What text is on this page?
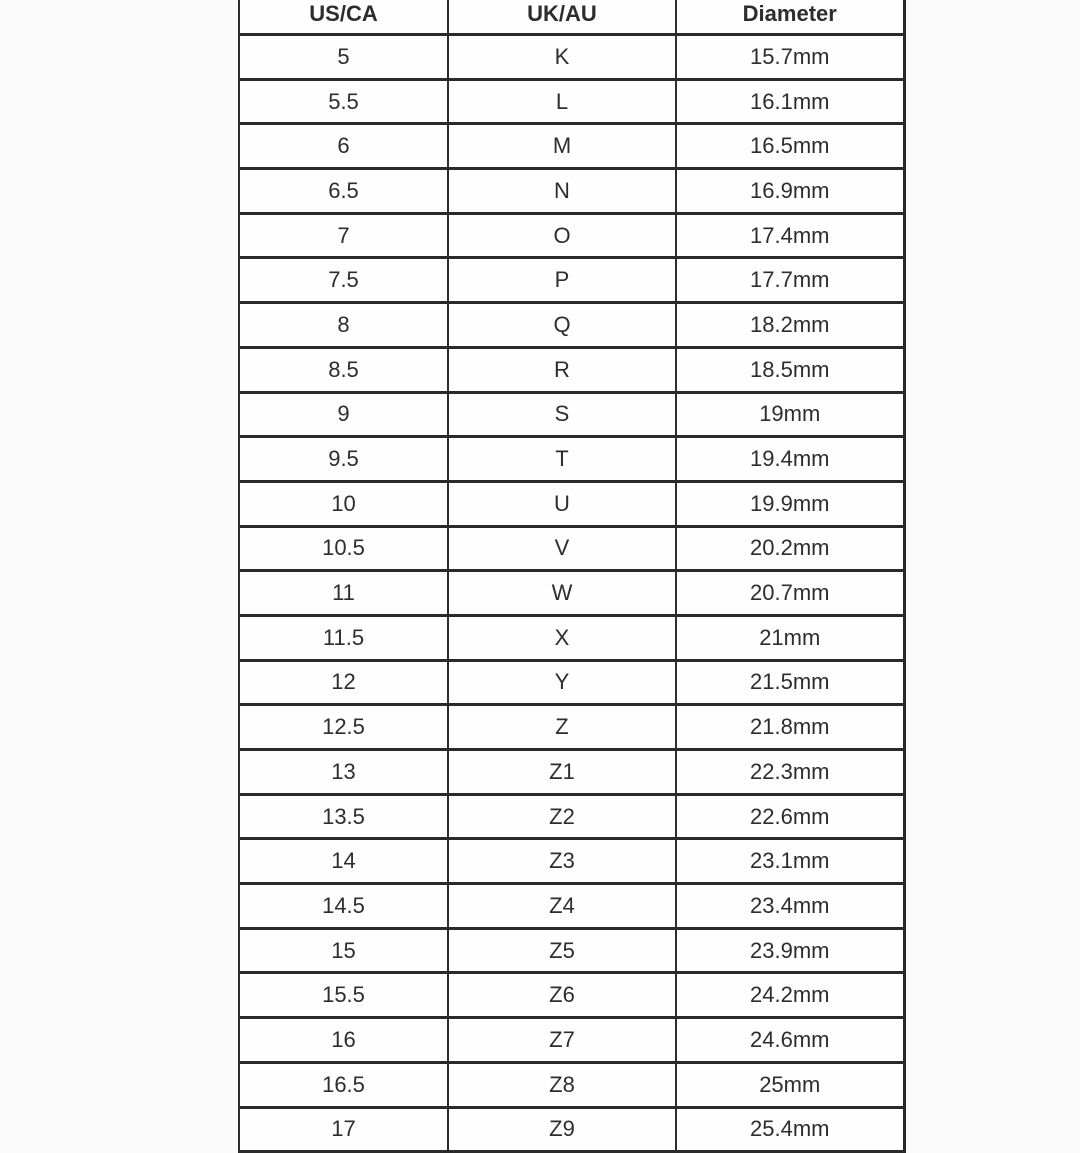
US/CA	UK/AU	Diameter
5	K	15.7mm
5.5	L	16.1mm
6	M	16.5mm
6.5	N	16.9mm
7	O	17.4mm
7.5	P	17.7mm
8	Q	18.2mm
8.5	R	18.5mm
9	S	19mm
9.5	T	19.4mm
10	U	19.9mm
10.5	V	20.2mm
11	W	20.7mm
11.5	X	21mm
12	Y	21.5mm
12.5	Z	21.8mm
13	Z1	22.3mm
13.5	Z2	22.6mm
14	Z3	23.1mm
14.5	Z4	23.4mm
15	Z5	23.9mm
15.5	Z6	24.2mm
16	Z7	24.6mm
16.5	Z8	25mm
17	Z9	25.4mm
